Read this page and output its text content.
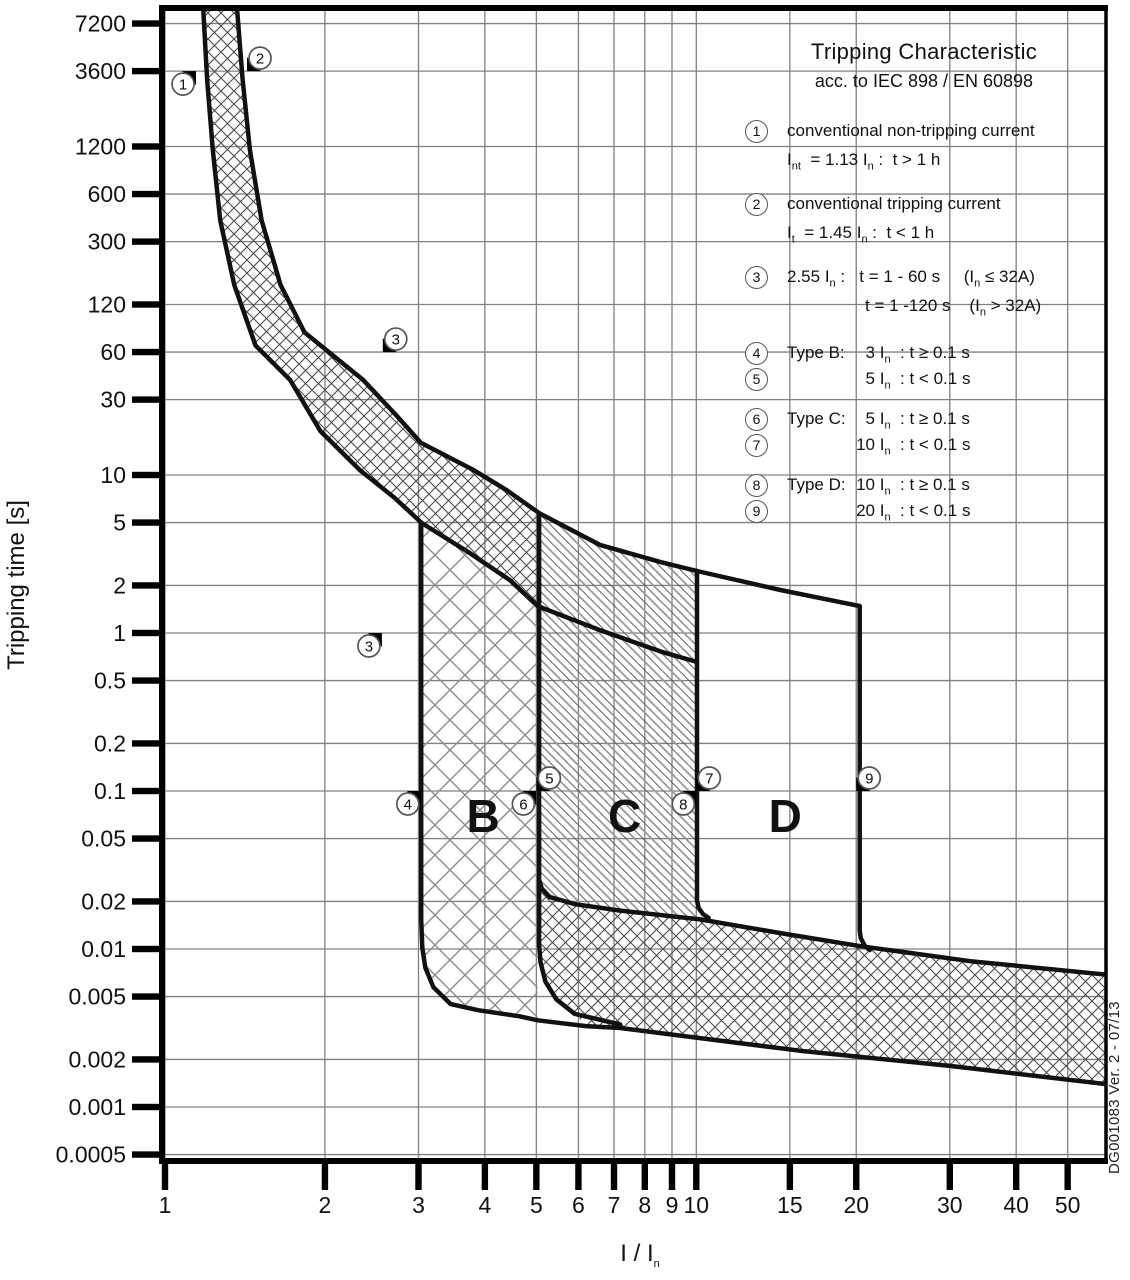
7200
3600
1200
600
300
120
60
30
10
5
2
1
0.5
0.2
0.1
0.05
0.02
0.01
0.005
0.002
0.001
0.0005
1	2	3 4 5 6 7 8 9 10	15 20	30 40 50
B C	D
1
2
3
3
4
5
6
7
8
9

Tripping Characteristic

acc. to IEC 898 / EN 60898

1	conventional non-tripping current

$I_{nt} = 1.13$ $I_n$ :  t > 1 h

2	conventional tripping current

$I_t = 1.45$ $I_n$ :  t < 1 h

3	2.55 $I_n$ :   t = 1 - 60 s     $(I_n \le 32A)$

t = 1 -120 s    $(I_n > 32A)$

4	Type B: 3 $I_n$  : t ≥ 0.1 s
5	5 $I_n$  : t < 0.1 s
6	Type C: 5 $I_n$  : t ≥ 0.1 s
7	10 $I_n$  : t < 0.1 s
8	Type D: 10 $I_n$  : t ≥ 0.1 s
9	20 $I_n$  : t < 0.1 s
Tripping time [s]
I / $I_n$
DG001083 Ver. 2 - 07/13
